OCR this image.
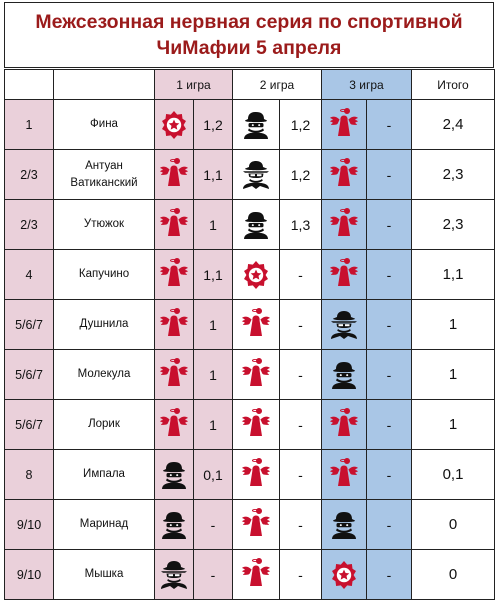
Межсезонная нервная серия по спортивной ЧиМафии 5 апреля
		1 игра		2 игра		3 игра		Итого
1	Фина		1,2		1,2		-	2,4
2/3	Антуан Ватиканский		1,1		1,2		-	2,3
2/3	Утюжок		1		1,3		-	2,3
4	Капучино		1,1		-		-	1,1
5/6/7	Душнила		1		-		-	1
5/6/7	Молекула		1		-		-	1
5/6/7	Лорик		1		-		-	1
8	Импала		0,1		-		-	0,1
9/10	Маринад		-		-		-	0
9/10	Мышка		-		-		-	0
